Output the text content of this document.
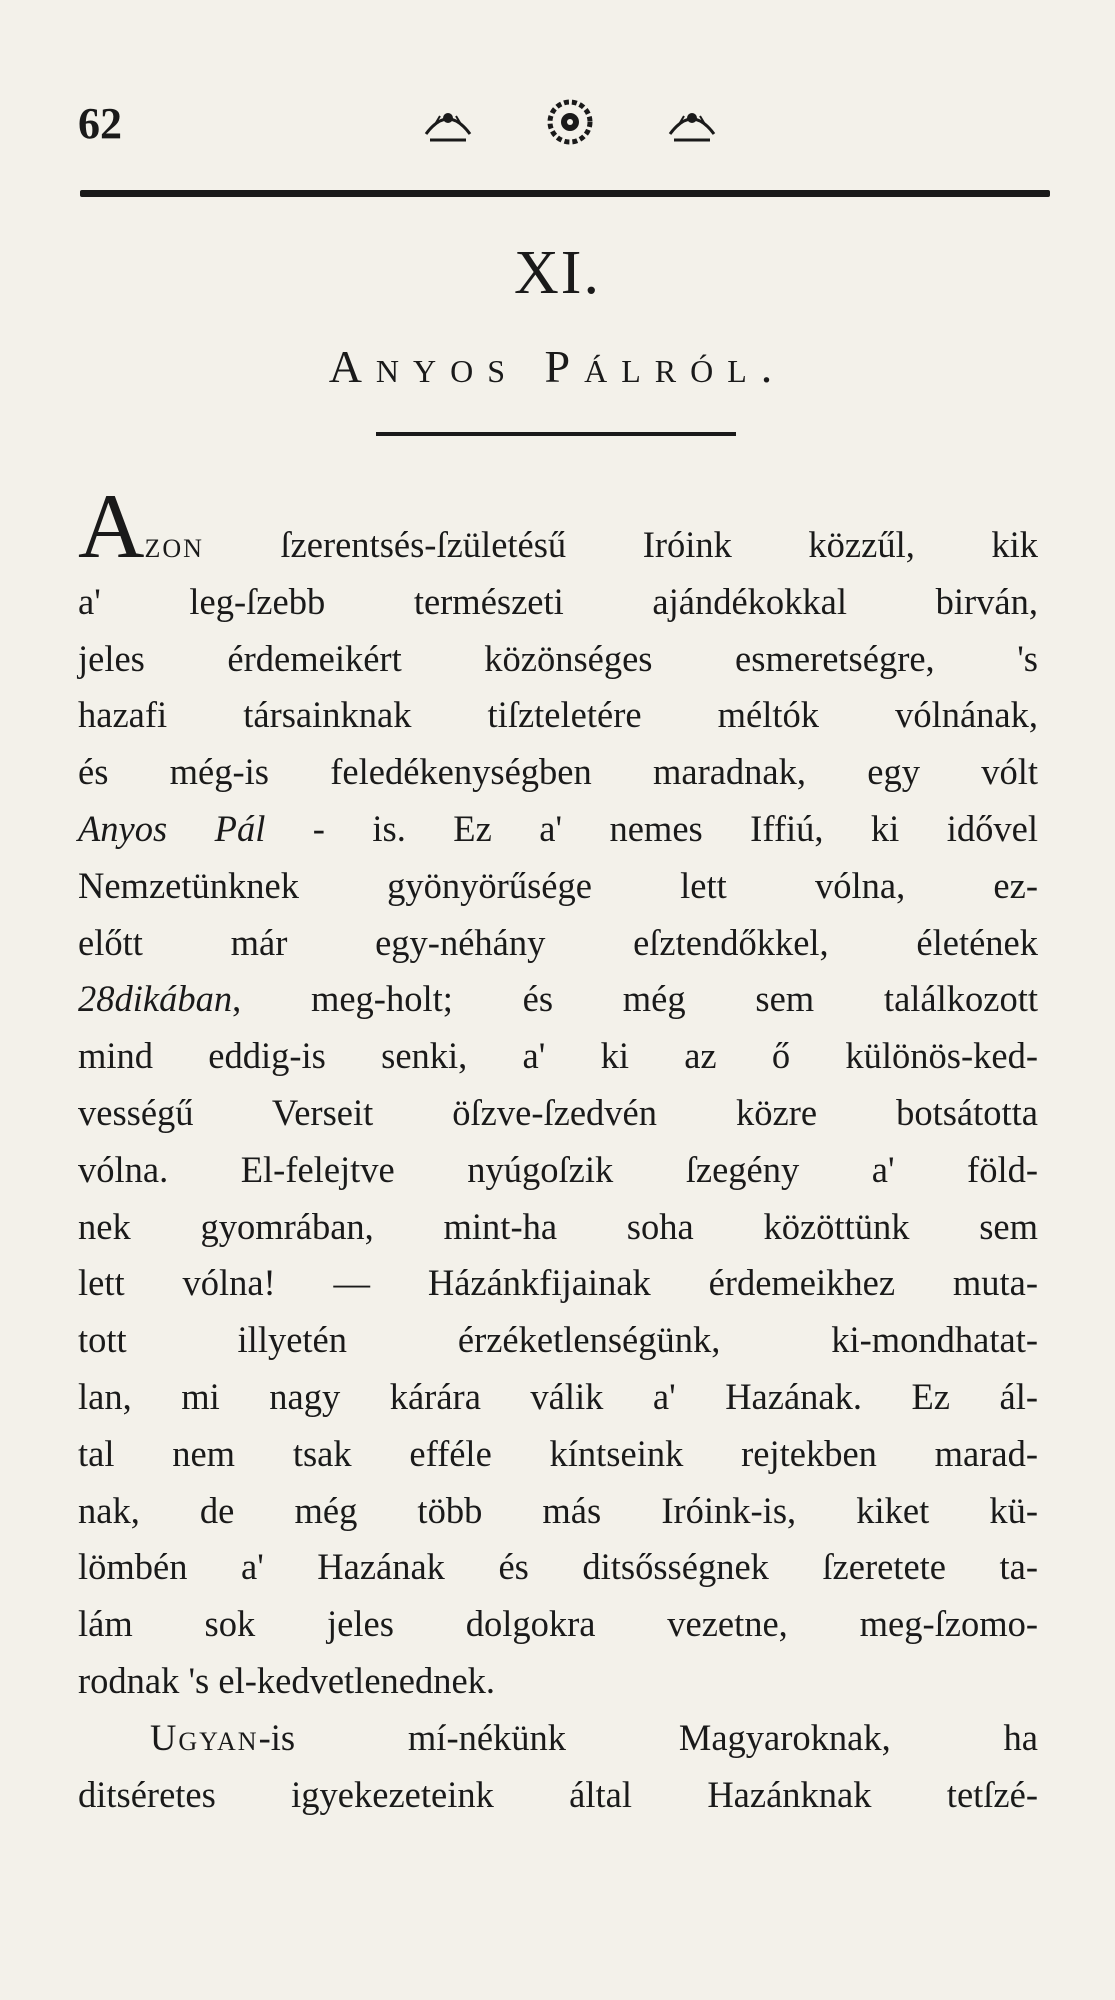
62
XI.
Anyos Pálról.

Azon ſzerentsés-ſzületésű Iróink közzűl, kik
a' leg-ſzebb természeti ajándékokkal birván,
jeles érdemeikért közönséges esmeretségre, 's
hazafi társainknak tiſzteletére méltók vólnának,
és még-is feledékenységben maradnak, egy vólt
Anyos Pál - is. Ez a' nemes Iffiú, ki idővel
Nemzetünknek gyönyörűsége lett vólna, ez-
előtt már egy-néhány eſztendőkkel, életének
28dikában, meg-holt; és még sem találkozott
mind eddig-is senki, a' ki az ő különös-ked-
vességű Verseit öſzve-ſzedvén közre botsátotta
vólna. El-felejtve nyúgoſzik ſzegény a' föld-
nek gyomrában, mint-ha soha közöttünk sem
lett vólna! — Házánkfijainak érdemeikhez muta-
tott illyetén érzéketlenségünk, ki-mondhatat-
lan, mi nagy kárára válik a' Hazának. Ez ál-
tal nem tsak efféle kíntseink rejtekben marad-
nak, de még több más Iróink-is, kiket kü-
lömbén a' Hazának és ditsősségnek ſzeretete ta-
lám sok jeles dolgokra vezetne, meg-ſzomo-
rodnak 's el-kedvetlenednek.

Ugyan-is mí-nékünk Magyaroknak, ha

ditséretes igyekezeteink által Hazánknak tetſzé-
